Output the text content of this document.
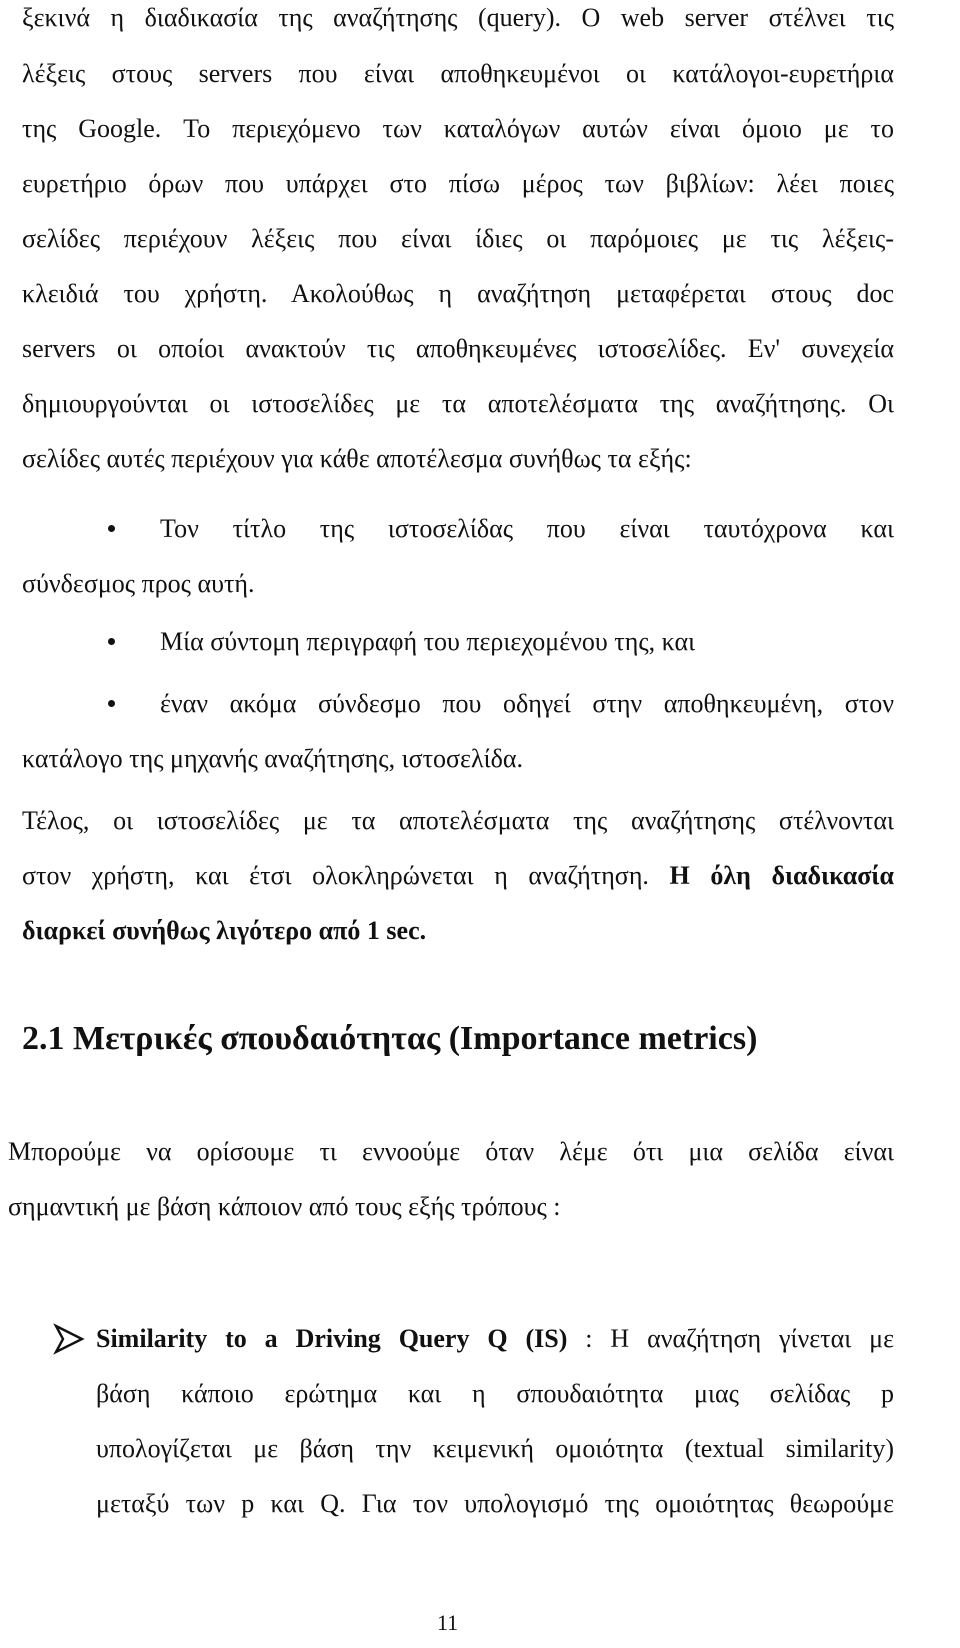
ξεκινά η διαδικασία της αναζήτησης (query). Ο web server στέλνει τις
λέξεις στους servers που είναι αποθηκευμένοι οι κατάλογοι-ευρετήρια
της Google. Το περιεχόμενο των καταλόγων αυτών είναι όμοιο με το
ευρετήριο όρων που υπάρχει στο πίσω μέρος των βιβλίων: λέει ποιες
σελίδες περιέχουν λέξεις που είναι ίδιες οι παρόμοιες με τις λέξεις-
κλειδιά του χρήστη. Ακολούθως η αναζήτηση μεταφέρεται στους doc
servers οι οποίοι ανακτούν τις αποθηκευμένες ιστοσελίδες. Εν' συνεχεία
δημιουργούνται οι ιστοσελίδες με τα αποτελέσματα της αναζήτησης. Οι
σελίδες αυτές περιέχουν για κάθε αποτέλεσμα συνήθως τα εξής:
Τον τίτλο της ιστοσελίδας που είναι ταυτόχρονα και
σύνδεσμος προς αυτή.
Μία σύντομη περιγραφή του περιεχομένου της, και
έναν ακόμα σύνδεσμο που οδηγεί στην αποθηκευμένη, στον
κατάλογο της μηχανής αναζήτησης, ιστοσελίδα.
Τέλος, οι ιστοσελίδες με τα αποτελέσματα της αναζήτησης στέλνονται
στον χρήστη, και έτσι ολοκληρώνεται η αναζήτηση. Η όλη διαδικασία
διαρκεί συνήθως λιγότερο από 1 sec.
2.1 Μετρικές σπουδαιότητας (Importance metrics)
Μπορούμε να ορίσουμε τι εννοούμε όταν λέμε ότι μια σελίδα είναι
σημαντική με βάση κάποιον από τους εξής τρόπους :
Similarity to a Driving Query Q (IS) : Η αναζήτηση γίνεται με
βάση κάποιο ερώτημα και η σπουδαιότητα μιας σελίδας p
υπολογίζεται με βάση την κειμενική ομοιότητα (textual similarity)
μεταξύ των p και Q. Για τον υπολογισμό της ομοιότητας θεωρούμε
11
